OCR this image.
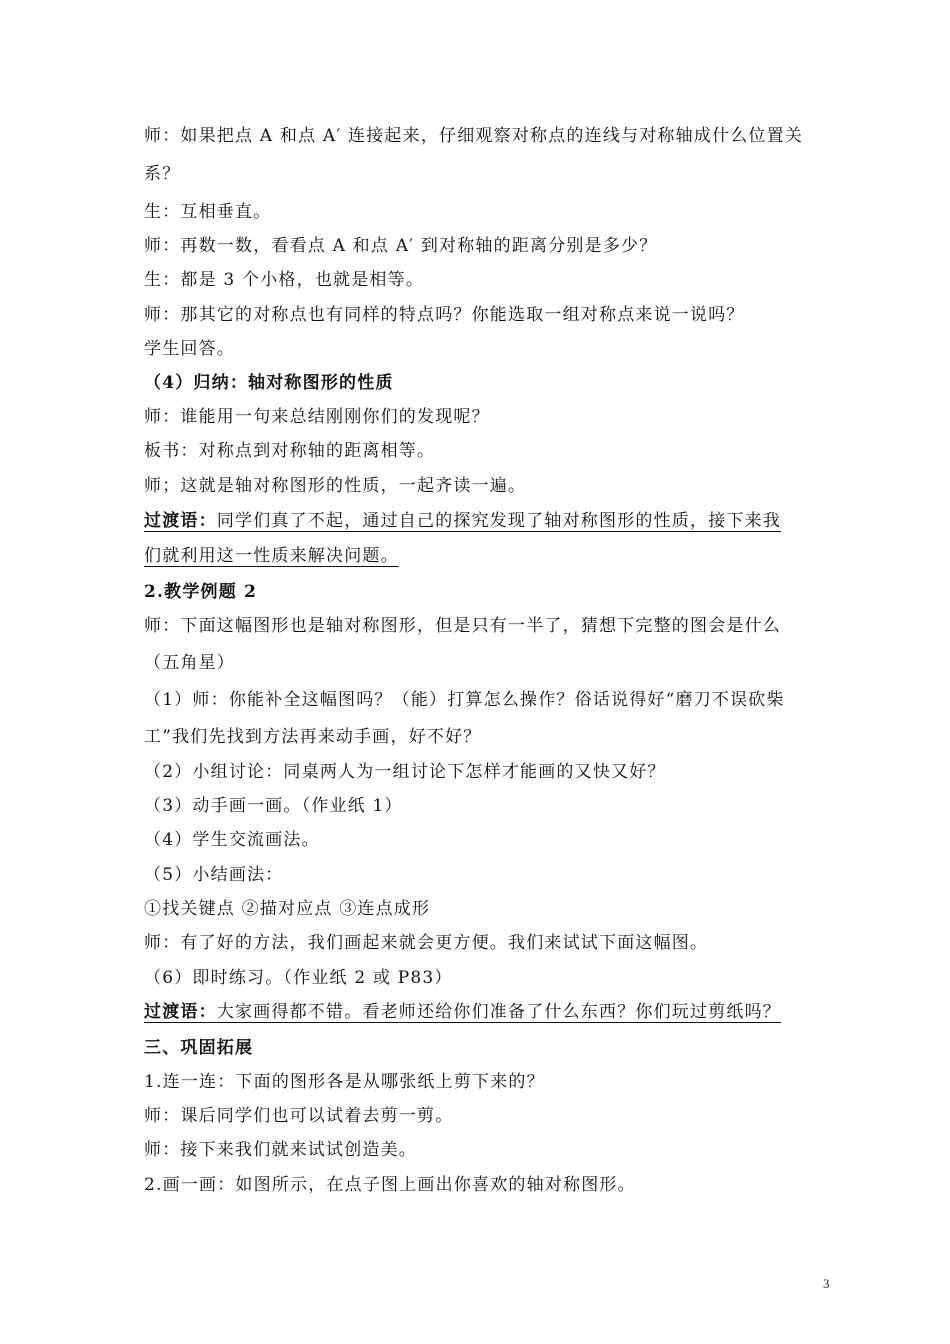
师：如果把点 A 和点 A′ 连接起来，仔细观察对称点的连线与对称轴成什么位置关
系？
生：互相垂直。
师：再数一数，看看点 A 和点 A′ 到对称轴的距离分别是多少？
生：都是 3 个小格，也就是相等。
师：那其它的对称点也有同样的特点吗？你能选取一组对称点来说一说吗？
学生回答。
（4）归纳：轴对称图形的性质
师：谁能用一句来总结刚刚你们的发现呢？
板书：对称点到对称轴的距离相等。
师；这就是轴对称图形的性质，一起齐读一遍。
过渡语：同学们真了不起，通过自己的探究发现了轴对称图形的性质，接下来我
们就利用这一性质来解决问题。
2.教学例题 2
师：下面这幅图形也是轴对称图形，但是只有一半了，猜想下完整的图会是什么
（五角星）
（1）师：你能补全这幅图吗？（能）打算怎么操作？俗话说得好“磨刀不误砍柴
工”我们先找到方法再来动手画，好不好？
（2）小组讨论：同桌两人为一组讨论下怎样才能画的又快又好？
（3）动手画一画。（作业纸 1）
（4）学生交流画法。
（5）小结画法：
①找关键点 ②描对应点 ③连点成形
师：有了好的方法，我们画起来就会更方便。我们来试试下面这幅图。
（6）即时练习。（作业纸 2 或 P83）
过渡语：大家画得都不错。看老师还给你们准备了什么东西？你们玩过剪纸吗？
三、巩固拓展
1.连一连：下面的图形各是从哪张纸上剪下来的？
师：课后同学们也可以试着去剪一剪。
师：接下来我们就来试试创造美。
2.画一画：如图所示，在点子图上画出你喜欢的轴对称图形。
3
